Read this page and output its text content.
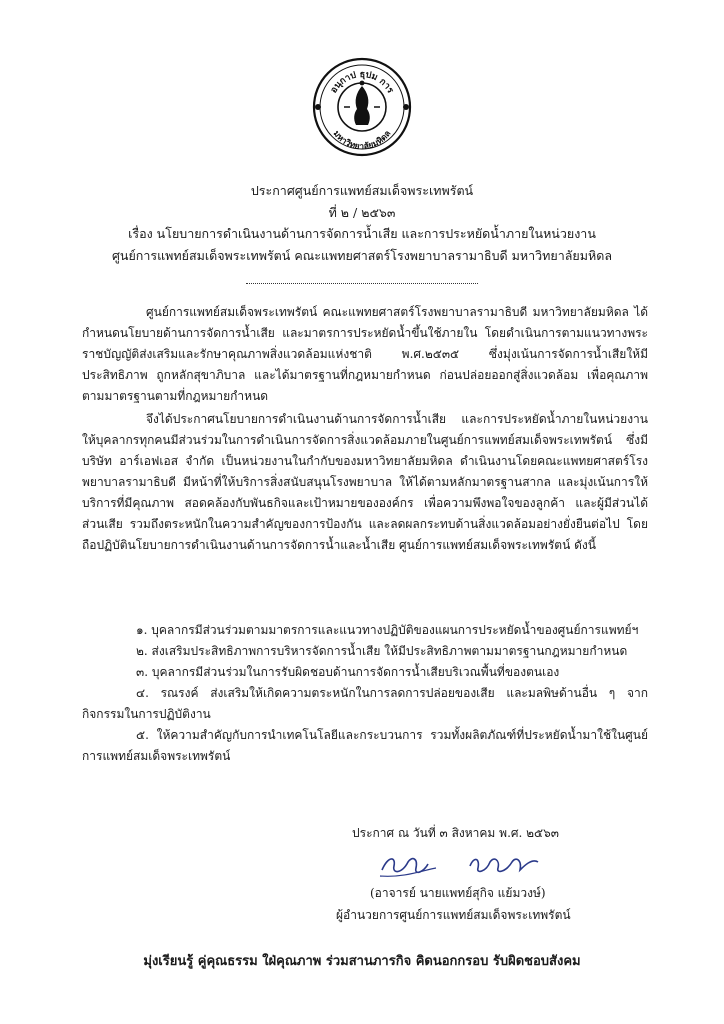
อนุกาป ธุปม การ
มหาวิทยาลัยมหิดล
ประกาศศูนย์การแพทย์สมเด็จพระเทพรัตน์
ที่ ๒ / ๒๕๖๓
เรื่อง นโยบายการดำเนินงานด้านการจัดการน้ำเสีย และการประหยัดน้ำภายในหน่วยงาน
ศูนย์การแพทย์สมเด็จพระเทพรัตน์ คณะแพทยศาสตร์โรงพยาบาลรามาธิบดี มหาวิทยาลัยมหิดล

ศูนย์การแพทย์สมเด็จพระเทพรัตน์ คณะแพทยศาสตร์โรงพยาบาลรามาธิบดี มหาวิทยาลัยมหิดล ได้กำหนดนโยบายด้านการจัดการน้ำเสีย และมาตรการประหยัดน้ำขึ้นใช้ภายใน โดยดำเนินการตามแนวทางพระราชบัญญัติส่งเสริมและรักษาคุณภาพสิ่งแวดล้อมแห่งชาติ พ.ศ.๒๕๓๕ ซึ่งมุ่งเน้นการจัดการน้ำเสียให้มีประสิทธิภาพ ถูกหลักสุขาภิบาล และได้มาตรฐานที่กฎหมายกำหนด ก่อนปล่อยออกสู่สิ่งแวดล้อม เพื่อคุณภาพตามมาตรฐานตามที่กฎหมายกำหนด

จึงได้ประกาศนโยบายการดำเนินงานด้านการจัดการน้ำเสีย และการประหยัดน้ำภายในหน่วยงาน ให้บุคลากรทุกคนมีส่วนร่วมในการดำเนินการจัดการสิ่งแวดล้อมภายในศูนย์การแพทย์สมเด็จพระเทพรัตน์ ซึ่งมีบริษัท อาร์เอฟเอส จำกัด เป็นหน่วยงานในกำกับของมหาวิทยาลัยมหิดล ดำเนินงานโดยคณะแพทยศาสตร์โรงพยาบาลรามาธิบดี มีหน้าที่ให้บริการสิ่งสนับสนุนโรงพยาบาล ให้ได้ตามหลักมาตรฐานสากล และมุ่งเน้นการให้บริการที่มีคุณภาพ สอดคล้องกับพันธกิจและเป้าหมายขององค์กร เพื่อความพึงพอใจของลูกค้า และผู้มีส่วนได้ส่วนเสีย รวมถึงตระหนักในความสำคัญของการป้องกัน และลดผลกระทบด้านสิ่งแวดล้อมอย่างยั่งยืนต่อไป โดยถือปฏิบัตินโยบายการดำเนินงานด้านการจัดการน้ำและน้ำเสีย ศูนย์การแพทย์สมเด็จพระเทพรัตน์ ดังนี้

๑. บุคลากรมีส่วนร่วมตามมาตรการและแนวทางปฏิบัติของแผนการประหยัดน้ำของศูนย์การแพทย์ฯ

๒. ส่งเสริมประสิทธิภาพการบริหารจัดการน้ำเสีย ให้มีประสิทธิภาพตามมาตรฐานกฎหมายกำหนด

๓. บุคลากรมีส่วนร่วมในการรับผิดชอบด้านการจัดการน้ำเสียบริเวณพื้นที่ของตนเอง

๔. รณรงค์ ส่งเสริมให้เกิดความตระหนักในการลดการปล่อยของเสีย และมลพิษด้านอื่น ๆ จากกิจกรรมในการปฏิบัติงาน

๕. ให้ความสำคัญกับการนำเทคโนโลยีและกระบวนการ รวมทั้งผลิตภัณฑ์ที่ประหยัดน้ำมาใช้ในศูนย์การแพทย์สมเด็จพระเทพรัตน์

ประกาศ ณ วันที่ ๓ สิงหาคม พ.ศ. ๒๕๖๓
(อาจารย์ นายแพทย์สุกิจ แย้มวงษ์)
ผู้อำนวยการศูนย์การแพทย์สมเด็จพระเทพรัตน์
มุ่งเรียนรู้ คู่คุณธรรม ใฝ่คุณภาพ ร่วมสานภารกิจ คิดนอกกรอบ รับผิดชอบสังคม
